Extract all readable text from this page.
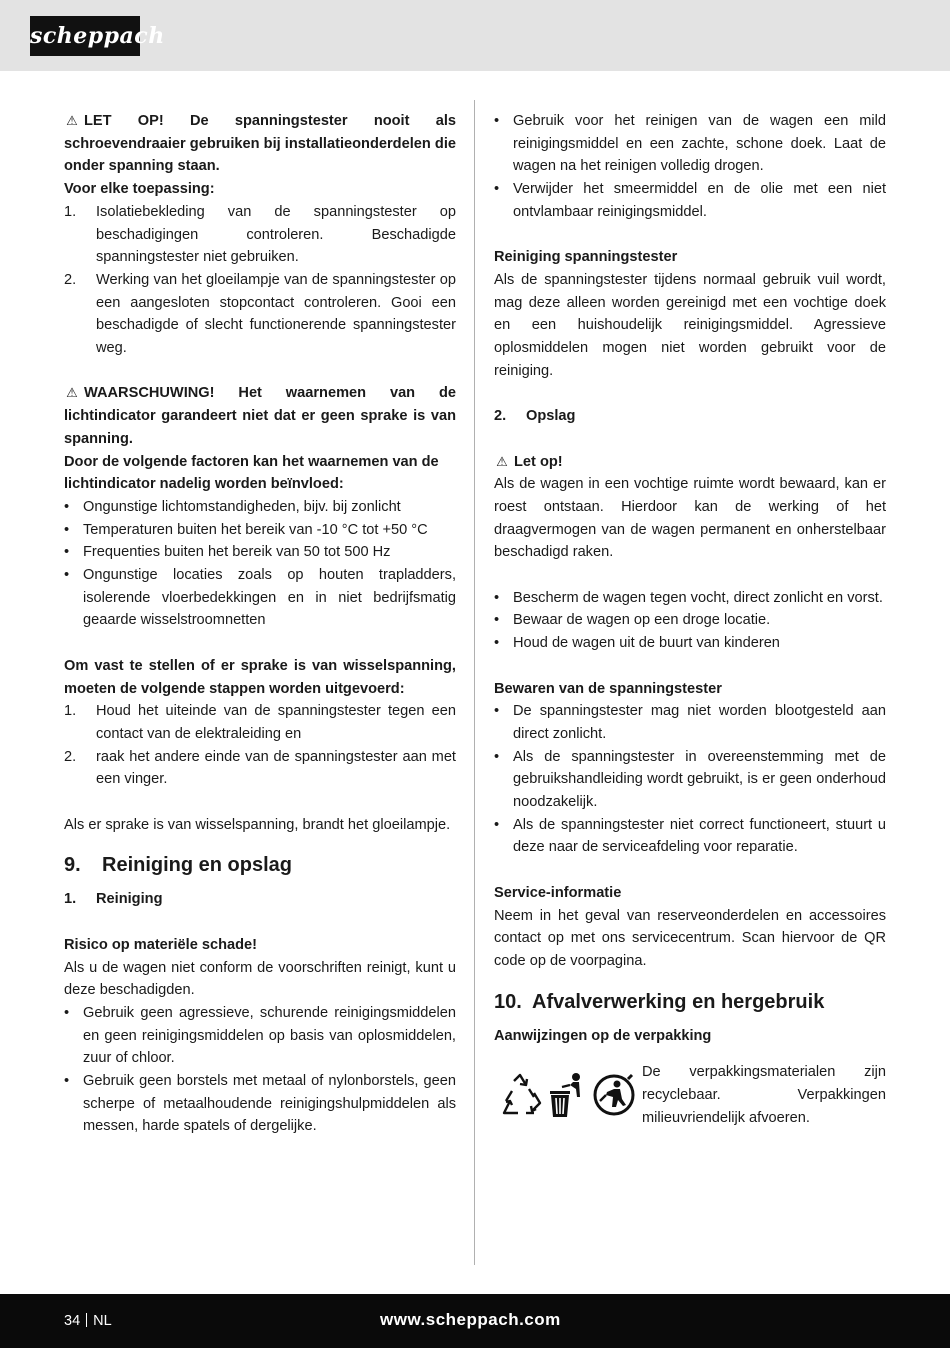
scheppach

⚠ LET OP! De spanningstester nooit als schroevendraaier gebruiken bij installatieonderdelen die onder spanning staan.

Voor elke toepassing:

1. Isolatiebekleding van de spanningstester op beschadigingen controleren. Beschadigde spanningstester niet gebruiken.
2. Werking van het gloeilampje van de spanningstester op een aangesloten stopcontact controleren. Gooi een beschadigde of slecht functionerende spanningstester weg.

⚠ WAARSCHUWING! Het waarnemen van de lichtindicator garandeert niet dat er geen sprake is van spanning.

Door de volgende factoren kan het waarnemen van de lichtindicator nadelig worden beïnvloed:

• Ongunstige lichtomstandigheden, bijv. bij zonlicht
• Temperaturen buiten het bereik van -10 °C tot +50 °C
• Frequenties buiten het bereik van 50 tot 500 Hz
• Ongunstige locaties zoals op houten trapladders, isolerende vloerbedekkingen en in niet bedrijfsmatig geaarde wisselstroomnetten

Om vast te stellen of er sprake is van wisselspanning, moeten de volgende stappen worden uitgevoerd:

1. Houd het uiteinde van de spanningstester tegen een contact van de elektraleiding en
2. raak het andere einde van de spanningstester aan met een vinger.

Als er sprake is van wisselspanning, brandt het gloeilampje.

9. Reiniging en opslag

1. Reiniging

Risico op materiële schade!

Als u de wagen niet conform de voorschriften reinigt, kunt u deze beschadigden.

• Gebruik geen agressieve, schurende reinigingsmiddelen en geen reinigingsmiddelen op basis van oplosmiddelen, zuur of chloor.
• Gebruik geen borstels met metaal of nylonborstels, geen scherpe of metaalhoudende reinigingshulpmiddelen als messen, harde spatels of dergelijke.
• Gebruik voor het reinigen van de wagen een mild reinigingsmiddel en een zachte, schone doek. Laat de wagen na het reinigen volledig drogen.
• Verwijder het smeermiddel en de olie met een niet ontvlambaar reinigingsmiddel.

Reiniging spanningstester

Als de spanningstester tijdens normaal gebruik vuil wordt, mag deze alleen worden gereinigd met een vochtige doek en een huishoudelijk reinigingsmiddel. Agressieve oplosmiddelen mogen niet worden gebruikt voor de reiniging.

2. Opslag

⚠ Let op!

Als de wagen in een vochtige ruimte wordt bewaard, kan er roest ontstaan. Hierdoor kan de werking of het draagvermogen van de wagen permanent en onherstelbaar beschadigd raken.

• Bescherm de wagen tegen vocht, direct zonlicht en vorst.
• Bewaar de wagen op een droge locatie.
• Houd de wagen uit de buurt van kinderen

Bewaren van de spanningstester

• De spanningstester mag niet worden blootgesteld aan direct zonlicht.
• Als de spanningstester in overeenstemming met de gebruikshandleiding wordt gebruikt, is er geen onderhoud noodzakelijk.
• Als de spanningstester niet correct functioneert, stuurt u deze naar de serviceafdeling voor reparatie.

Service-informatie

Neem in het geval van reserveonderdelen en accessoires contact op met ons servicecentrum. Scan hiervoor de QR code op de voorpagina.

10. Afvalverwerking en hergebruik

Aanwijzingen op de verpakking

De verpakkingsmaterialen zijn recyclebaar. Verpakkingen milieuvriendelijk afvoeren.

34 NL	www.scheppach.com
